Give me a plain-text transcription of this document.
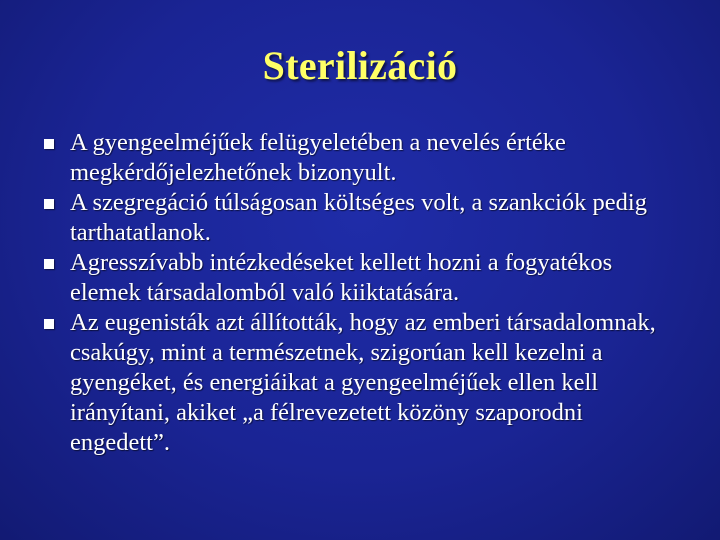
Sterilizáció
A gyengeelméjűek felügyeletében a nevelés értéke megkérdőjelezhetőnek bizonyult.
A szegregáció túlságosan költséges volt, a szankciók pedig tarthatatlanok.
Agresszívabb intézkedéseket kellett hozni a fogyatékos elemek társadalomból való kiiktatására.
Az eugenisták azt állították, hogy az emberi társadalomnak, csakúgy, mint a természetnek, szigorúan kell kezelni a gyengéket, és energiáikat a gyengeelméjűek ellen kell irányítani, akiket „a félrevezetett közöny szaporodni engedett”.
